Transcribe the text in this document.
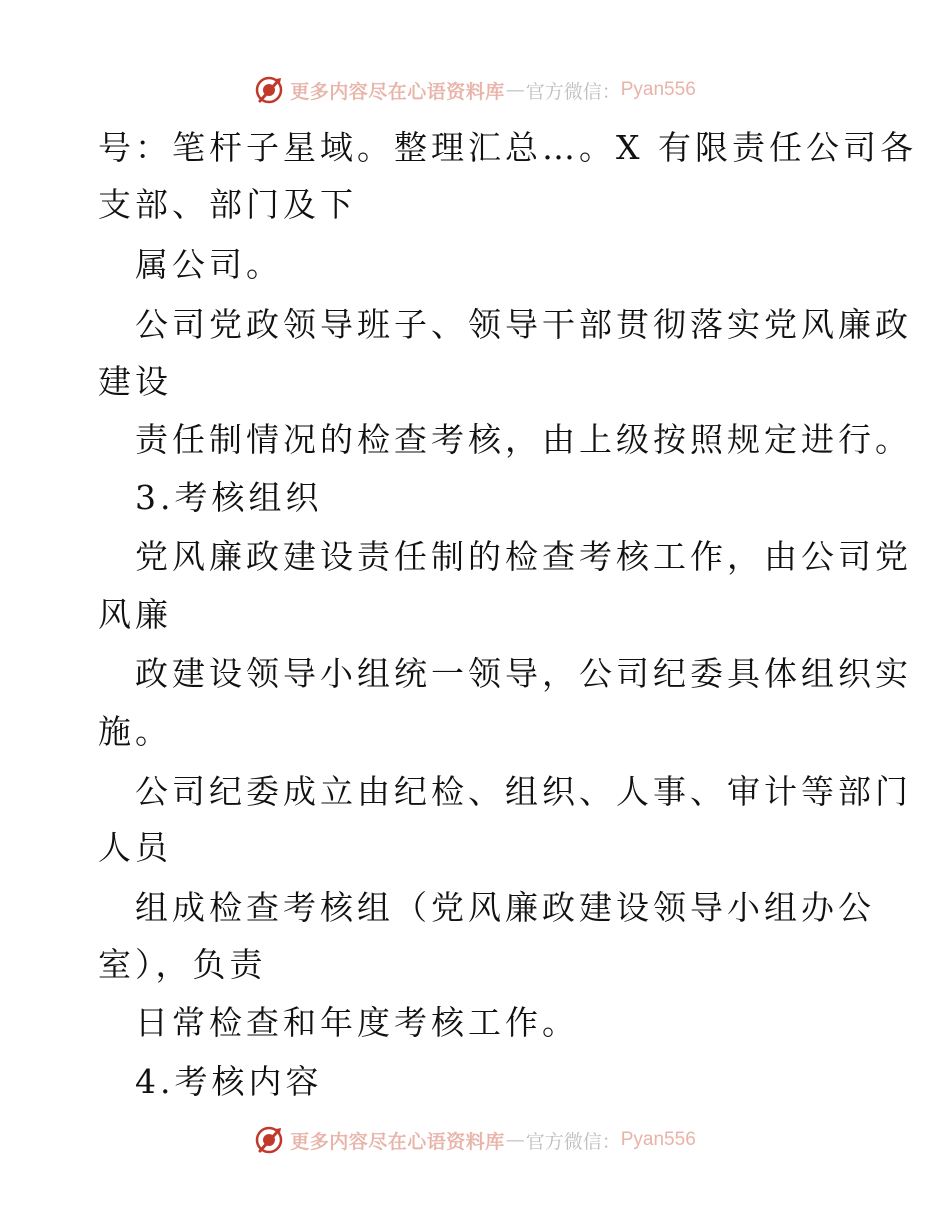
更多内容尽在心语资料库 — 官方微信： Pyan556
号：笔杆子星域。整理汇总…。X 有限责任公司各
支部、部门及下
属公司。
公司党政领导班子、领导干部贯彻落实党风廉政
建设
责任制情况的检查考核，由上级按照规定进行。
3.考核组织
党风廉政建设责任制的检查考核工作，由公司党
风廉
政建设领导小组统一领导，公司纪委具体组织实
施。
公司纪委成立由纪检、组织、人事、审计等部门
人员
组成检查考核组（党风廉政建设领导小组办公
室），负责
日常检查和年度考核工作。
4.考核内容
更多内容尽在心语资料库 — 官方微信： Pyan556
